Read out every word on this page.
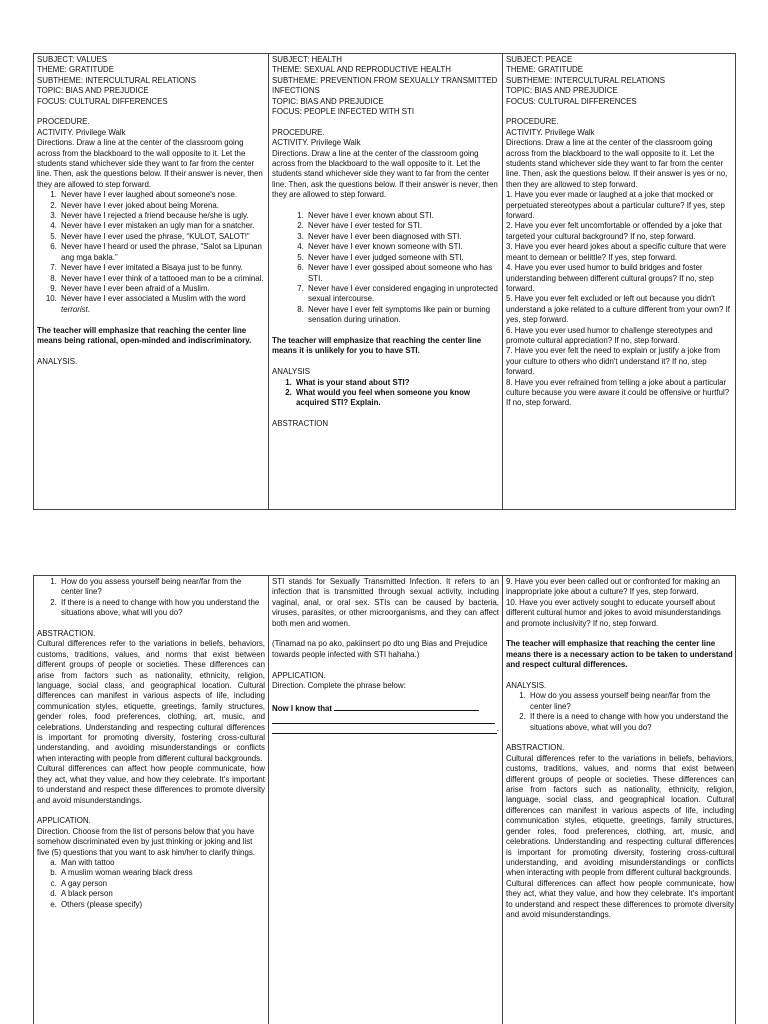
SUBJECT: VALUES
THEME: GRATITUDE
SUBTHEME: INTERCULTURAL RELATIONS
TOPIC: BIAS AND PREJUDICE
FOCUS: CULTURAL DIFFERENCES
PROCEDURE.
ACTIVITY. Privilege Walk
Directions. Draw a line at the center of the classroom going across from the blackboard to the wall opposite to it. Let the students stand whichever side they want to far from the center line. Then, ask the questions below. If their answer is never, then they are allowed to step forward.
1. Never have I ever laughed about someone's nose.
2. Never have I ever joked about being Morena.
3. Never have I rejected a friend because he/she is ugly.
4. Never have I ever mistaken an ugly man for a snatcher.
5. Never have I ever used the phrase, “KULOT, SALOT!”
6. Never have I heard or used the phrase, “Salot sa Lipunan ang mga bakla.”
7. Never have I ever imitated a Bisaya just to be funny.
8. Never have I ever think of a tattooed man to be a criminal.
9. Never have I ever been afraid of a Muslim.
10. Never have I ever associated a Muslim with the word terrorist.
The teacher will emphasize that reaching the center line means being rational, open-minded and indiscriminatory.
ANALYSIS.
SUBJECT: HEALTH
THEME: SEXUAL AND REPRODUCTIVE HEALTH
SUBTHEME: PREVENTION FROM SEXUALLY TRANSMITTED INFECTIONS
TOPIC: BIAS AND PREJUDICE
FOCUS: PEOPLE INFECTED WITH STI
PROCEDURE.
ACTIVITY. Privilege Walk
Directions. Draw a line at the center of the classroom going across from the blackboard to the wall opposite to it. Let the students stand whichever side they want to far from the center line. Then, ask the questions below. If their answer is never, then they are allowed to step forward.
1. Never have I ever known about STI.
2. Never have I ever tested for STI.
3. Never have I ever been diagnosed with STI.
4. Never have I ever known someone with STI.
5. Never have I ever judged someone with STI.
6. Never have I ever gossiped about someone who has STI.
7. Never have I ever considered engaging in unprotected sexual intercourse.
8. Never have I ever felt symptoms like pain or burning sensation during urination.
The teacher will emphasize that reaching the center line means it is unlikely for you to have STI.
ANALYSIS
1. What is your stand about STI?
2. What would you feel when someone you know acquired STI? Explain.
ABSTRACTION
SUBJECT: PEACE
THEME: GRATITUDE
SUBTHEME: INTERCULTURAL RELATIONS
TOPIC: BIAS AND PREJUDICE
FOCUS: CULTURAL DIFFERENCES
PROCEDURE.
ACTIVITY. Privilege Walk
Directions. Draw a line at the center of the classroom going across from the blackboard to the wall opposite to it. Let the students stand whichever side they want to far from the center line. Then, ask the questions below. If their answer is yes or no, then they are allowed to step forward.
1. Have you ever made or laughed at a joke that mocked or perpetuated stereotypes about a particular culture? If yes, step forward.
2. Have you ever felt uncomfortable or offended by a joke that targeted your cultural background? If no, step forward.
3. Have you ever heard jokes about a specific culture that were meant to demean or belittle? If yes, step forward.
4. Have you ever used humor to build bridges and foster understanding between different cultural groups? If no, step forward.
5. Have you ever felt excluded or left out because you didn't understand a joke related to a culture different from your own? If yes, step forward.
6. Have you ever used humor to challenge stereotypes and promote cultural appreciation? If no, step forward.
7. Have you ever felt the need to explain or justify a joke from your culture to others who didn't understand it? If no, step forward.
8. Have you ever refrained from telling a joke about a particular culture because you were aware it could be offensive or hurtful? If no, step forward.
1. How do you assess yourself being near/far from the center line?
2. If there is a need to change with how you understand the situations above, what will you do?
ABSTRACTION.
Cultural differences refer to the variations in beliefs, behaviors, customs, traditions, values, and norms that exist between different groups of people or societies. These differences can arise from factors such as nationality, ethnicity, religion, language, social class, and geographical location. Cultural differences can manifest in various aspects of life, including communication styles, etiquette, greetings, family structures, gender roles, food preferences, clothing, art, music, and celebrations. Understanding and respecting cultural differences is important for promoting diversity, fostering cross-cultural understanding, and avoiding misunderstandings or conflicts when interacting with people from different cultural backgrounds.
Cultural differences can affect how people communicate, how they act, what they value, and how they celebrate. It's important to understand and respect these differences to promote diversity and avoid misunderstandings.
APPLICATION.
Direction. Choose from the list of persons below that you have somehow discriminated even by just thinking or joking and list five (5) questions that you want to ask him/her to clarify things.
a. Man with tattoo
b. A muslim woman wearing black dress
c. A gay person
d. A black person
e. Others (please specify)
STI stands for Sexually Transmitted Infection. It refers to an infection that is transmitted through sexual activity, including vaginal, anal, or oral sex. STIs can be caused by bacteria, viruses, parasites, or other microorganisms, and they can affect both men and women.
(Tinamad na po ako, pakiinsert po dto ung Bias and Prejudice towards people infected with STI hahaha.)
APPLICATION.
Direction. Complete the phrase below:
Now I know that
.
9. Have you ever been called out or confronted for making an inappropriate joke about a culture? If yes, step forward.
10. Have you ever actively sought to educate yourself about different cultural humor and jokes to avoid misunderstandings and promote inclusivity? If no, step forward.
The teacher will emphasize that reaching the center line means there is a necessary action to be taken to understand and respect cultural differences.
ANALYSIS.
1. How do you assess yourself being near/far from the center line?
2. If there is a need to change with how you understand the situations above, what will you do?
ABSTRACTION.
Cultural differences refer to the variations in beliefs, behaviors, customs, traditions, values, and norms that exist between different groups of people or societies. These differences can arise from factors such as nationality, ethnicity, religion, language, social class, and geographical location. Cultural differences can manifest in various aspects of life, including communication styles, etiquette, greetings, family structures, gender roles, food preferences, clothing, art, music, and celebrations. Understanding and respecting cultural differences is important for promoting diversity, fostering cross-cultural understanding, and avoiding misunderstandings or conflicts when interacting with people from different cultural backgrounds.
Cultural differences can affect how people communicate, how they act, what they value, and how they celebrate. It's important to understand and respect these differences to promote diversity and avoid misunderstandings.
